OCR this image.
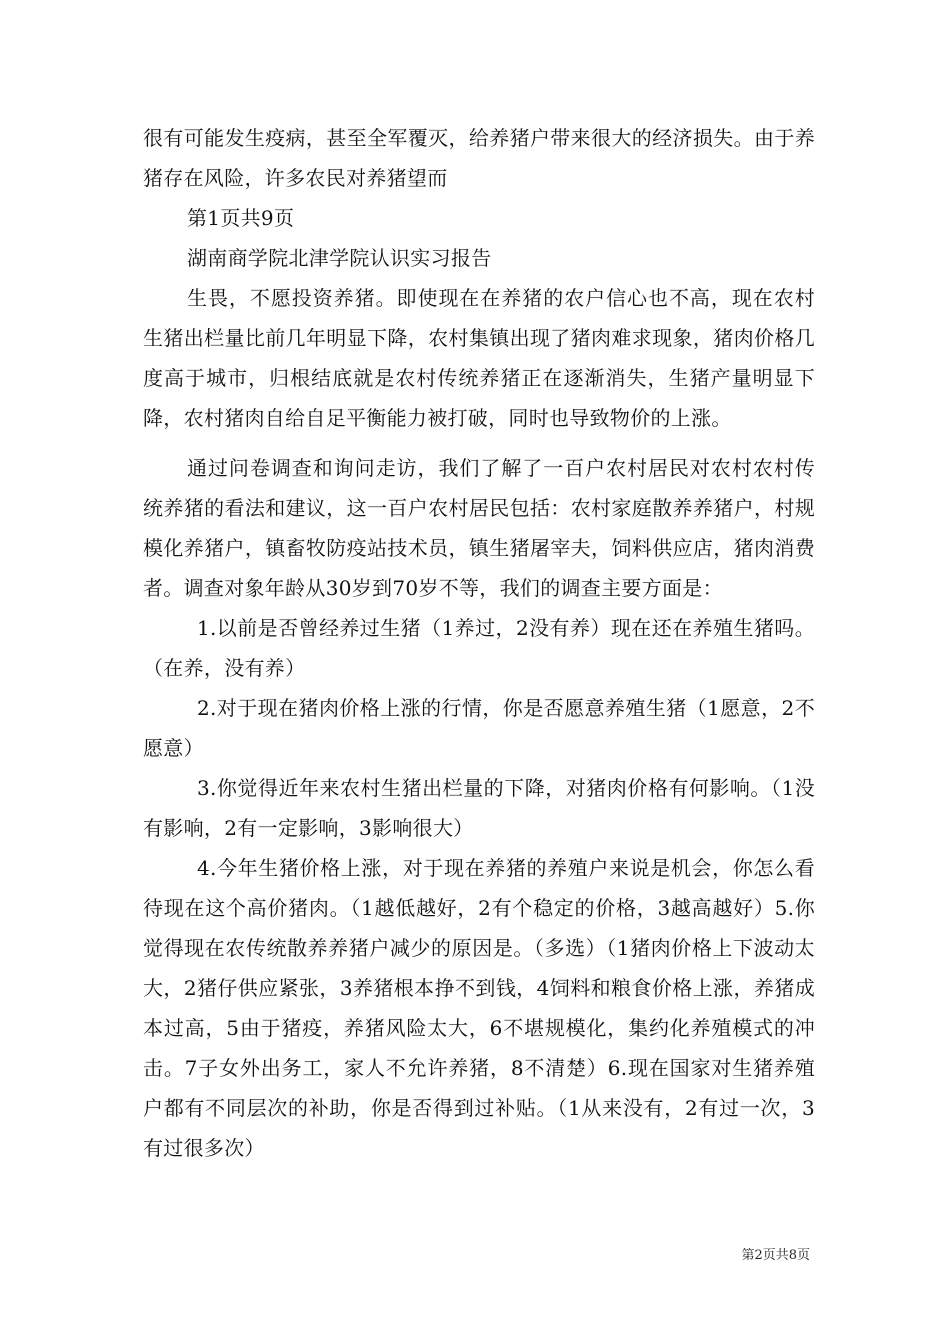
很有可能发生疫病，甚至全军覆灭，给养猪户带来很大的经济损失。由于养猪存在风险，许多农民对养猪望而

第1页共9页

湖南商学院北津学院认识实习报告

生畏，不愿投资养猪。即使现在在养猪的农户信心也不高，现在农村生猪出栏量比前几年明显下降，农村集镇出现了猪肉难求现象，猪肉价格几度高于城市，归根结底就是农村传统养猪正在逐渐消失，生猪产量明显下降，农村猪肉自给自足平衡能力被打破，同时也导致物价的上涨。

通过问卷调查和询问走访，我们了解了一百户农村居民对农村农村传统养猪的看法和建议，这一百户农村居民包括：农村家庭散养养猪户，村规模化养猪户，镇畜牧防疫站技术员，镇生猪屠宰夫，饲料供应店，猪肉消费者。调查对象年龄从30岁到70岁不等，我们的调查主要方面是：

1.以前是否曾经养过生猪（1养过，2没有养）现在还在养殖生猪吗。（在养，没有养）

2.对于现在猪肉价格上涨的行情，你是否愿意养殖生猪（1愿意，2不愿意）

3.你觉得近年来农村生猪出栏量的下降，对猪肉价格有何影响。（1没有影响，2有一定影响，3影响很大）

4.今年生猪价格上涨，对于现在养猪的养殖户来说是机会，你怎么看待现在这个高价猪肉。（1越低越好，2有个稳定的价格，3越高越好）5.你觉得现在农传统散养养猪户减少的原因是。（多选）（1猪肉价格上下波动太大，2猪仔供应紧张，3养猪根本挣不到钱，4饲料和粮食价格上涨，养猪成本过高，5由于猪疫，养猪风险太大，6不堪规模化，集约化养殖模式的冲击。7子女外出务工，家人不允许养猪，8不清楚）6.现在国家对生猪养殖户都有不同层次的补助，你是否得到过补贴。（1从来没有，2有过一次，3有过很多次）

第2页共8页
